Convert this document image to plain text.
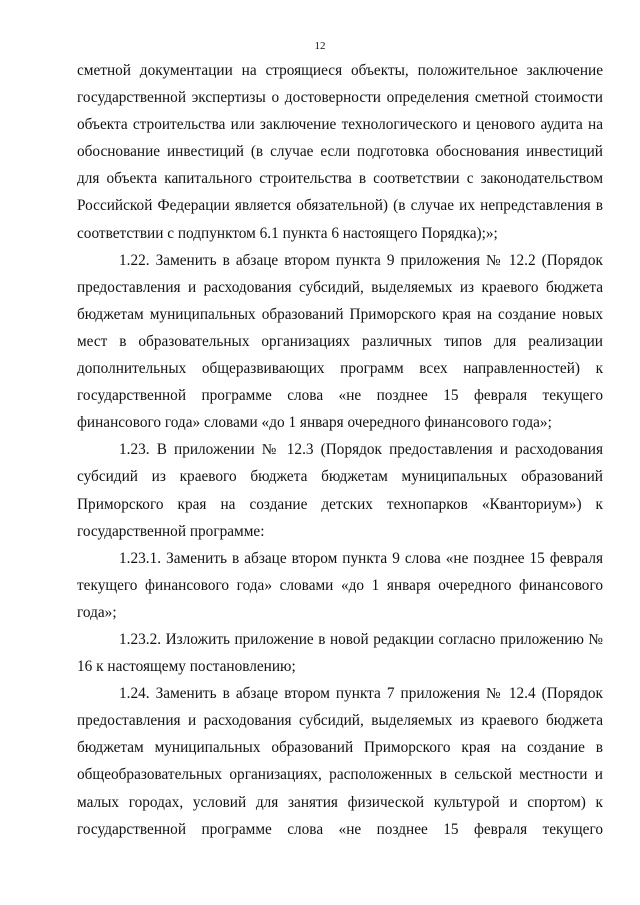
12

сметной документации на строящиеся объекты, положительное заключение государственной экспертизы о достоверности определения сметной стоимости объекта строительства или заключение технологического и ценового аудита на обоснование инвестиций (в случае если подготовка обоснования инвестиций для объекта капитального строительства в соответствии с законодательством Российской Федерации является обязательной) (в случае их непредставления в соответствии с подпунктом 6.1 пункта 6 настоящего Порядка);»;

1.22. Заменить в абзаце втором пункта 9 приложения № 12.2 (Порядок предоставления и расходования субсидий, выделяемых из краевого бюджета бюджетам муниципальных образований Приморского края на создание новых мест в образовательных организациях различных типов для реализации дополнительных общеразвивающих программ всех направленностей) к государственной программе слова «не позднее 15 февраля текущего финансового года» словами «до 1 января очередного финансового года»;

1.23. В приложении № 12.3 (Порядок предоставления и расходования субсидий из краевого бюджета бюджетам муниципальных образований Приморского края на создание детских технопарков «Кванториум») к государственной программе:

1.23.1. Заменить в абзаце втором пункта 9 слова «не позднее 15 февраля текущего финансового года» словами «до 1 января очередного финансового года»;

1.23.2. Изложить приложение в новой редакции согласно приложению № 16 к настоящему постановлению;

1.24. Заменить в абзаце втором пункта 7 приложения № 12.4 (Порядок предоставления и расходования субсидий, выделяемых из краевого бюджета бюджетам муниципальных образований Приморского края на создание в общеобразовательных организациях, расположенных в сельской местности и малых городах, условий для занятия физической культурой и спортом) к государственной программе слова «не позднее 15 февраля текущего
